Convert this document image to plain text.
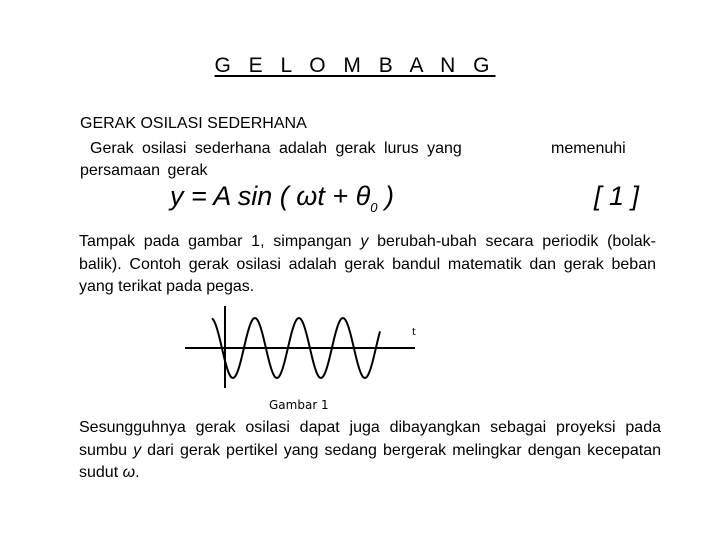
G E L O M B A N G
GERAK OSILASI SEDERHANA
Gerak osilasi sederhana adalah gerak lurus yang	memenuhi
persamaan gerak
y = A sin ( $\omega t + \theta_0$ )	[ 1 ]
Tampak pada gambar 1, simpangan y berubah-ubah secara periodik (bolak-balik). Contoh gerak osilasi adalah gerak bandul matematik dan gerak beban yang terikat pada pegas.
t
Gambar 1
Sesungguhnya gerak osilasi dapat juga dibayangkan sebagai proyeksi pada sumbu y dari gerak pertikel yang sedang bergerak melingkar dengan kecepatan sudut ω.
